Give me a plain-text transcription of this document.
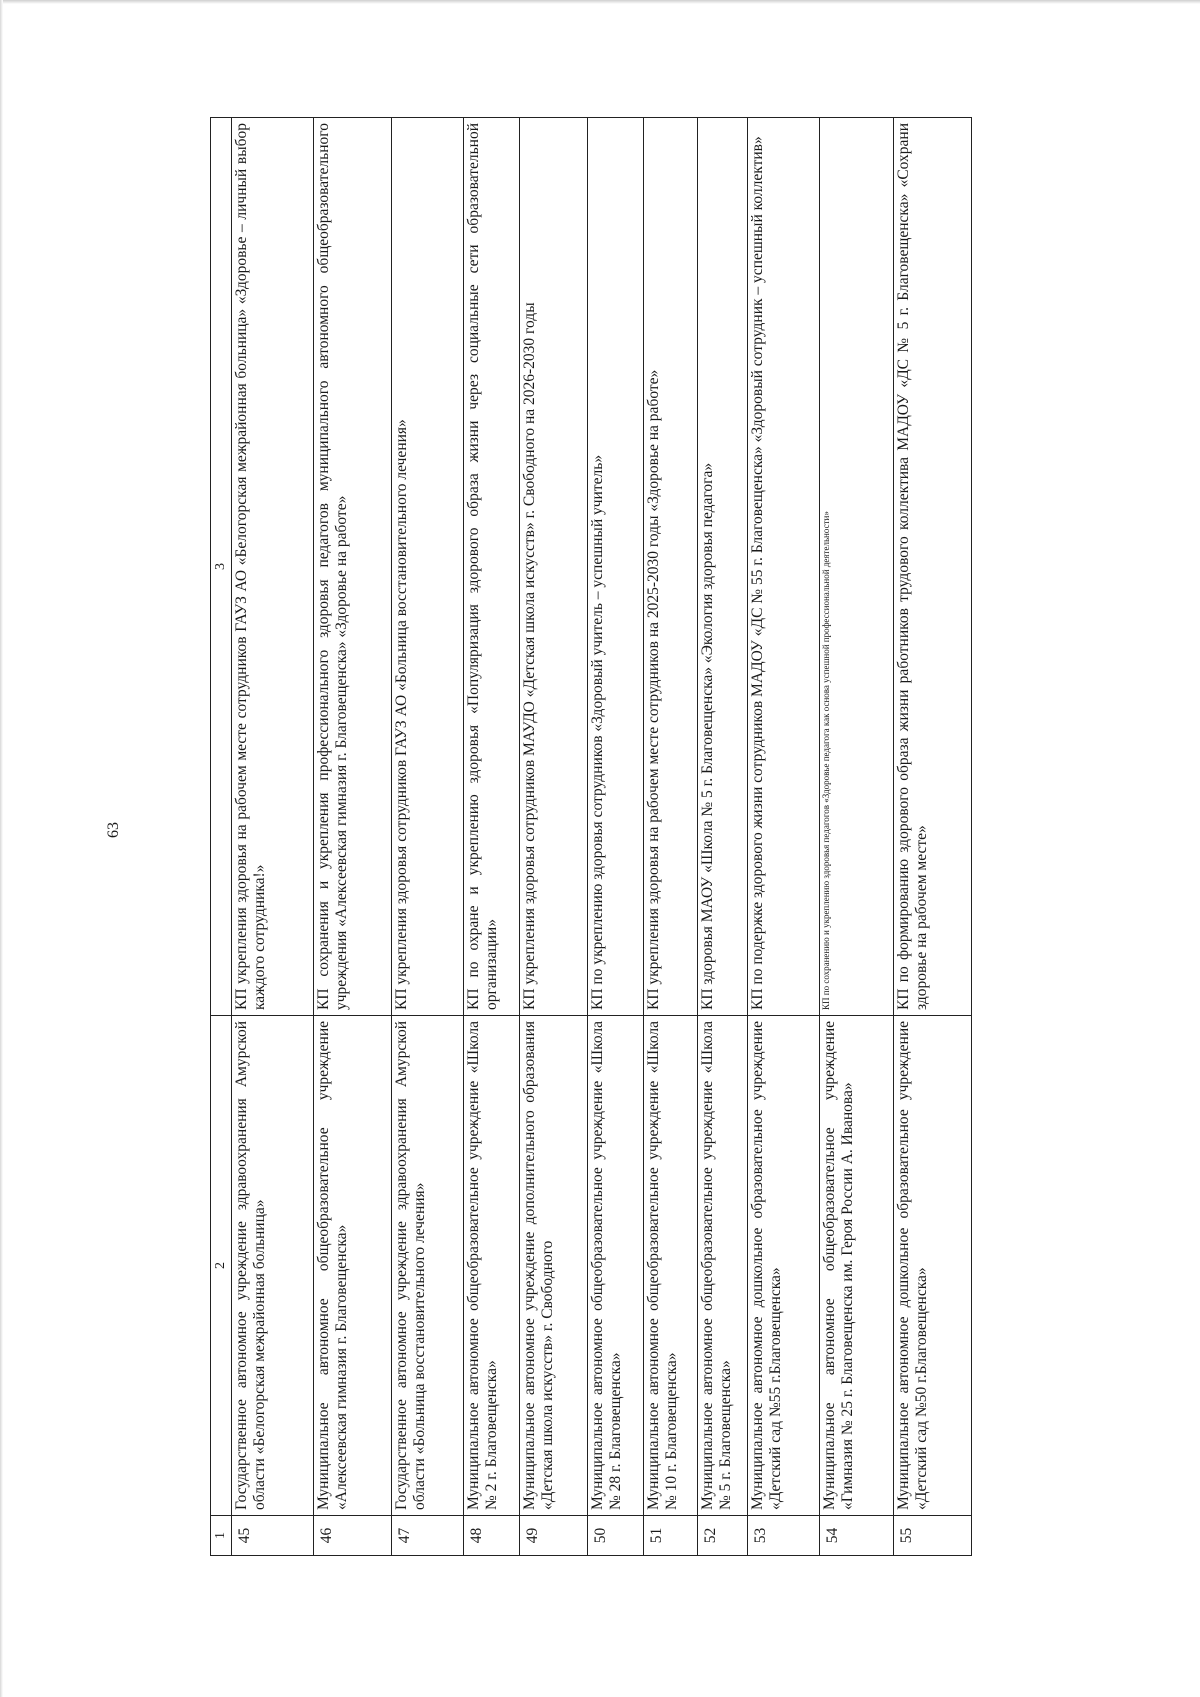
63
1	2	3
45	Государственное автономное учреждение здравоохранения Амурской области «Белогорская межрайонная больница»	КП укрепления здоровья на рабочем месте сотрудников ГАУЗ АО «Белогорская межрайонная больница» «Здоровье – личный выбор каждого сотрудника!»
46	Муниципальное автономное общеобразовательное учреждение «Алексеевская гимназия г. Благовещенска»	КП сохранения и укрепления профессионального здоровья педагогов муниципального автономного общеобразовательного учреждения «Алексеевская гимназия г. Благовещенска» «Здоровье на работе»
47	Государственное автономное учреждение здравоохранения Амурской области «Больница восстановительного лечения»	КП укрепления здоровья сотрудников ГАУЗ АО «Больница восстановительного лечения»
48	Муниципальное автономное общеобразовательное учреждение «Школа № 2 г. Благовещенска»	КП по охране и укреплению здоровья «Популяризация здорового образа жизни через социальные сети образовательной организации»
49	Муниципальное автономное учреждение дополнительного образования «Детская школа искусств» г. Свободного	КП укрепления здоровья сотрудников МАУДО «Детская школа искусств» г. Свободного на 2026-2030 годы
50	Муниципальное автономное общеобразовательное учреждение «Школа № 28 г. Благовещенска»	КП по укреплению здоровья сотрудников «Здоровый учитель – успешный учитель»
51	Муниципальное автономное общеобразовательное учреждение «Школа № 10 г. Благовещенска»	КП укрепления здоровья на рабочем месте сотрудников на 2025-2030 годы «Здоровье на работе»
52	Муниципальное автономное общеобразовательное учреждение «Школа № 5 г. Благовещенска»	КП здоровья МАОУ «Школа № 5 г. Благовещенска» «Экология здоровья педагога»
53	Муниципальное автономное дошкольное образовательное учреждение «Детский сад №55 г.Благовещенска»	КП по подержке здорового жизни сотрудников МАДОУ «ДС № 55 г. Благовещенска» «Здоровый сотрудник – успешный коллектив»
54	Муниципальное автономное общеобразовательное учреждение «Гимназия № 25 г. Благовещенска им. Героя России А. Иванова»	КП по сохранению и укреплению здоровья педагогов «Здоровье педагога как основа успешной профессиональной деятельности»
55	Муниципальное автономное дошкольное образовательное учреждение «Детский сад №50 г.Благовещенска»	КП по формированию здорового образа жизни работников трудового коллектива МАДОУ «ДС № 5 г. Благовещенска» «Сохрани здоровье на рабочем месте»
